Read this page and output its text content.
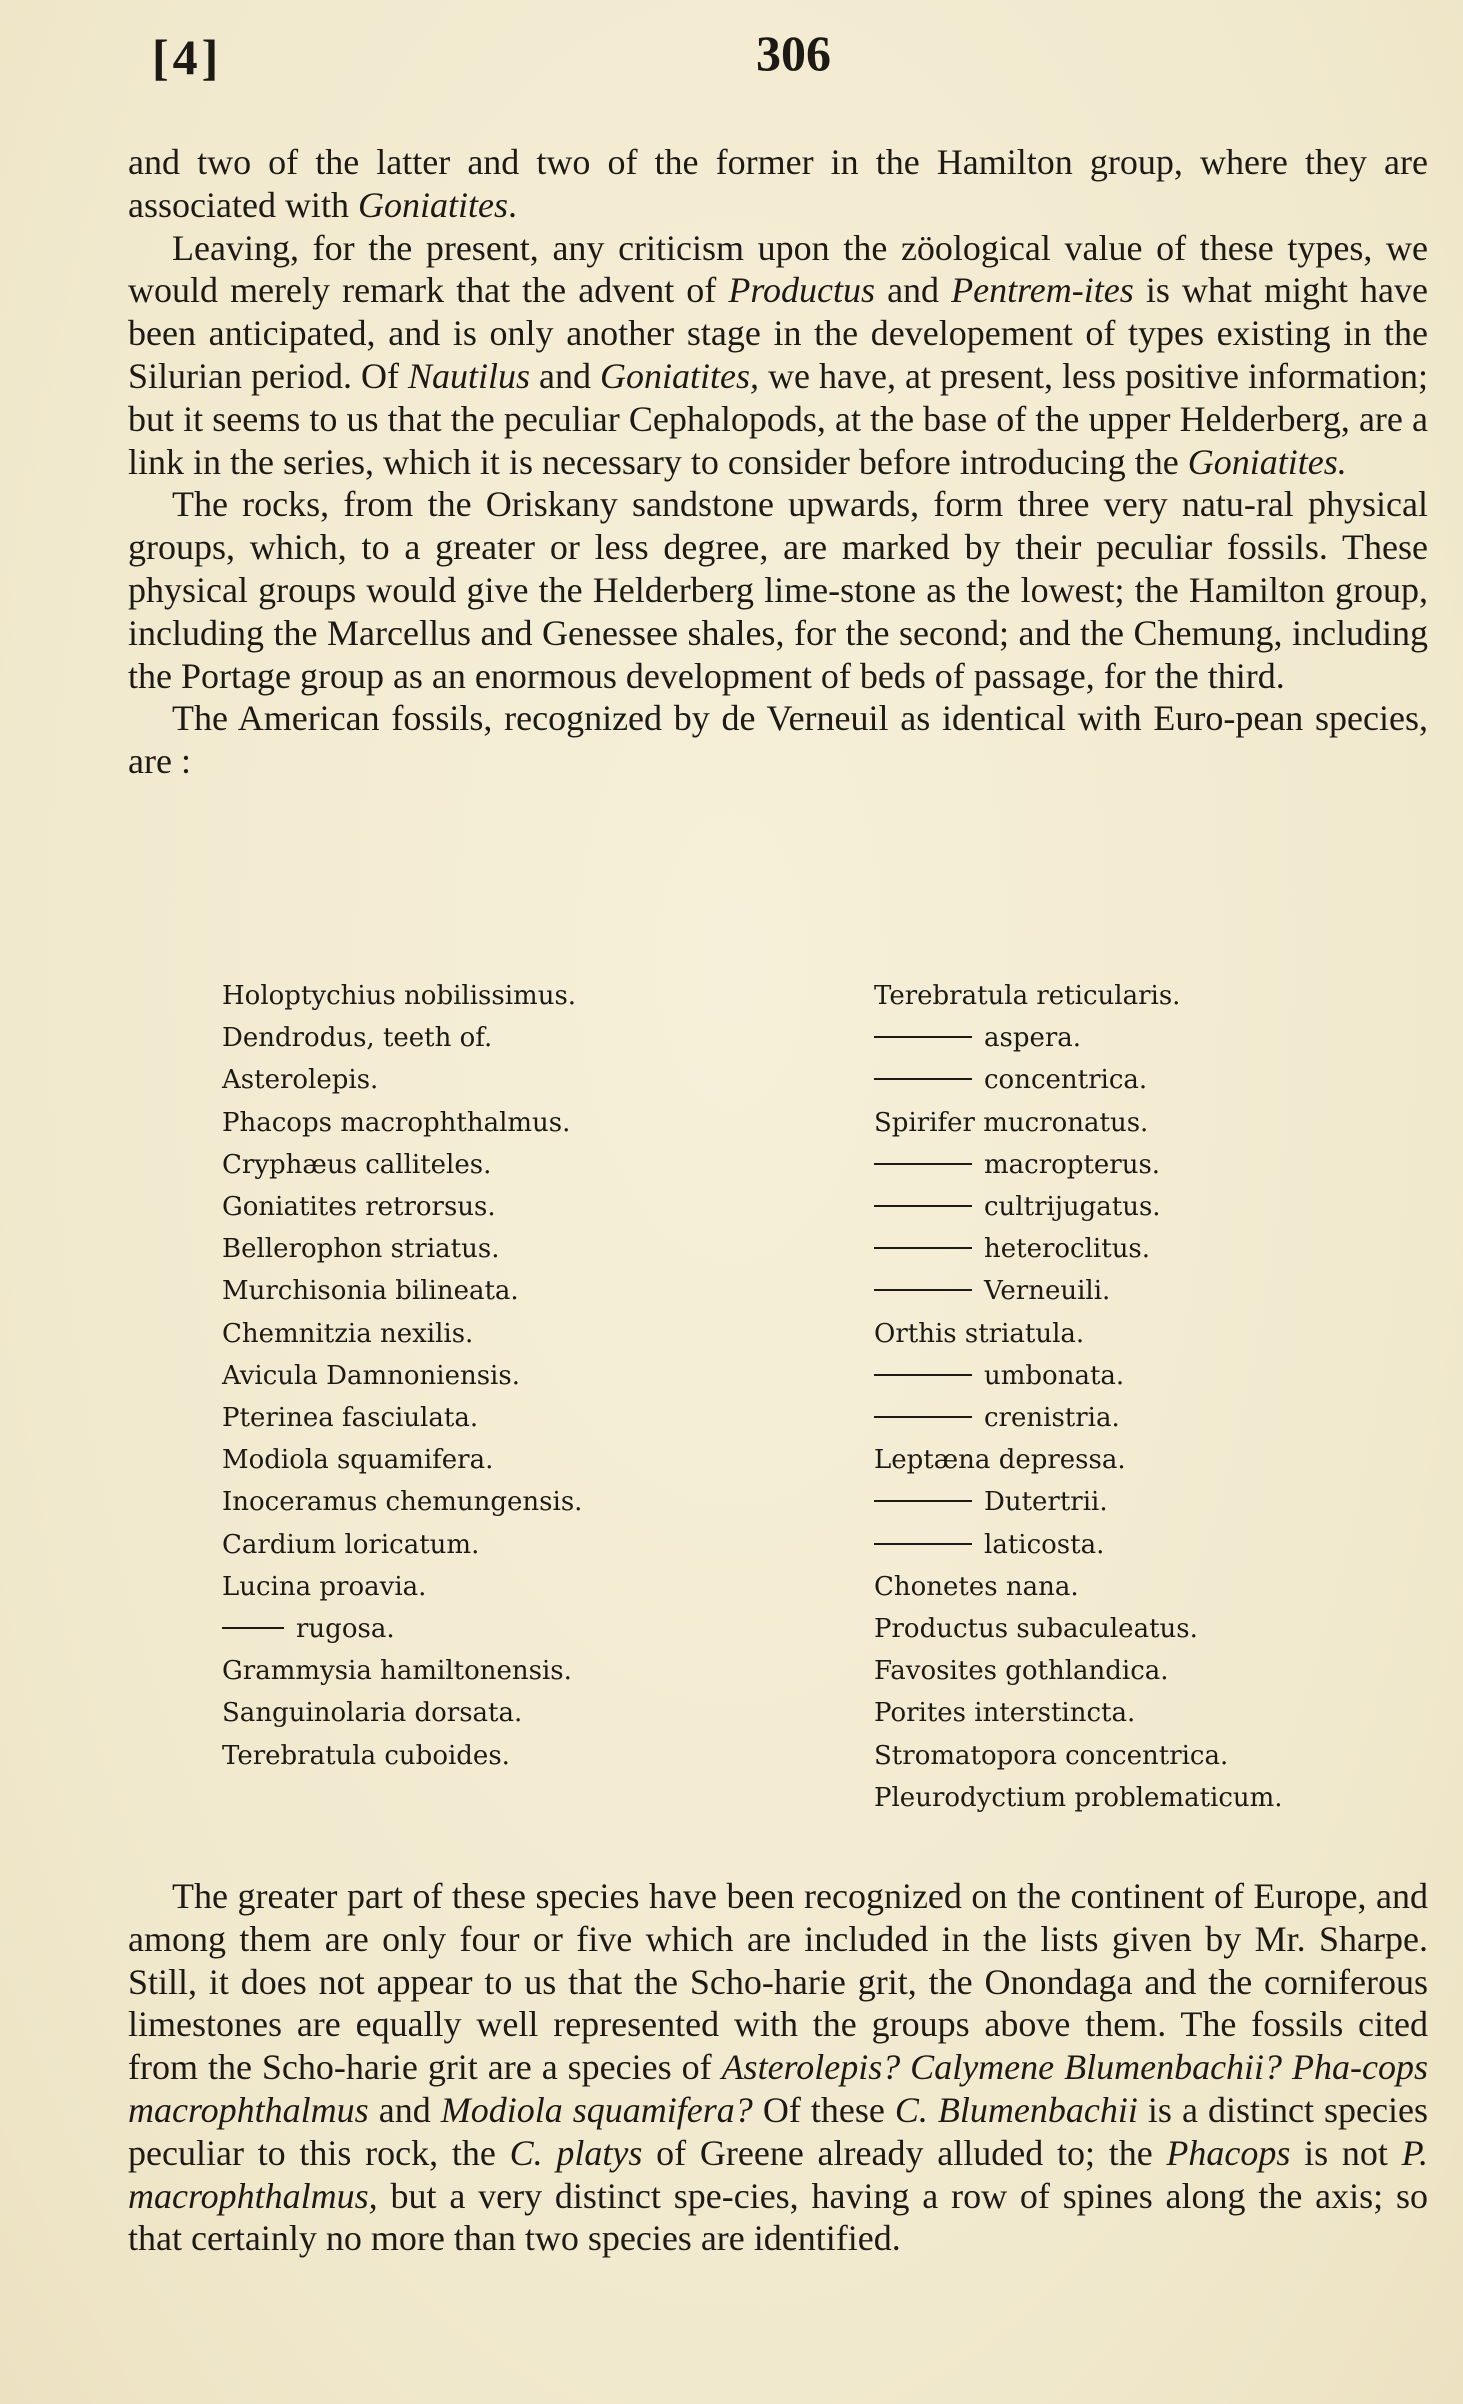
[4]	306

and two of the latter and two of the former in the Hamilton group, where they are associated with Goniatites.

Leaving, for the present, any criticism upon the zöological value of these types, we would merely remark that the advent of Productus and Pentrem-ites is what might have been anticipated, and is only another stage in the developement of types existing in the Silurian period. Of Nautilus and Goniatites, we have, at present, less positive information; but it seems to us that the peculiar Cephalopods, at the base of the upper Helderberg, are a link in the series, which it is necessary to consider before introducing the Goniatites.

The rocks, from the Oriskany sandstone upwards, form three very natu-ral physical groups, which, to a greater or less degree, are marked by their peculiar fossils. These physical groups would give the Helderberg lime-stone as the lowest; the Hamilton group, including the Marcellus and Genessee shales, for the second; and the Chemung, including the Portage group as an enormous development of beds of passage, for the third.

The American fossils, recognized by de Verneuil as identical with Euro-pean species, are :

Holoptychius nobilissimus.
Dendrodus, teeth of.
Asterolepis.
Phacops macrophthalmus.
Cryphæus calliteles.
Goniatites retrorsus.
Bellerophon striatus.
Murchisonia bilineata.
Chemnitzia nexilis.
Avicula Damnoniensis.
Pterinea fasciulata.
Modiola squamifera.
Inoceramus chemungensis.
Cardium loricatum.
Lucina proavia.
rugosa.
Grammysia hamiltonensis.
Sanguinolaria dorsata.
Terebratula cuboides.
Terebratula reticularis.
aspera.
concentrica.
Spirifer mucronatus.
macropterus.
cultrijugatus.
heteroclitus.
Verneuili.
Orthis striatula.
umbonata.
crenistria.
Leptæna depressa.
Dutertrii.
laticosta.
Chonetes nana.
Productus subaculeatus.
Favosites gothlandica.
Porites interstincta.
Stromatopora concentrica.
Pleurodyctium problematicum.

The greater part of these species have been recognized on the continent of Europe, and among them are only four or five which are included in the lists given by Mr. Sharpe. Still, it does not appear to us that the Scho-harie grit, the Onondaga and the corniferous limestones are equally well represented with the groups above them. The fossils cited from the Scho-harie grit are a species of Asterolepis? Calymene Blumenbachii? Pha-cops macrophthalmus and Modiola squamifera? Of these C. Blumenbachii is a distinct species peculiar to this rock, the C. platys of Greene already alluded to; the Phacops is not P. macrophthalmus, but a very distinct spe-cies, having a row of spines along the axis; so that certainly no more than two species are identified.
